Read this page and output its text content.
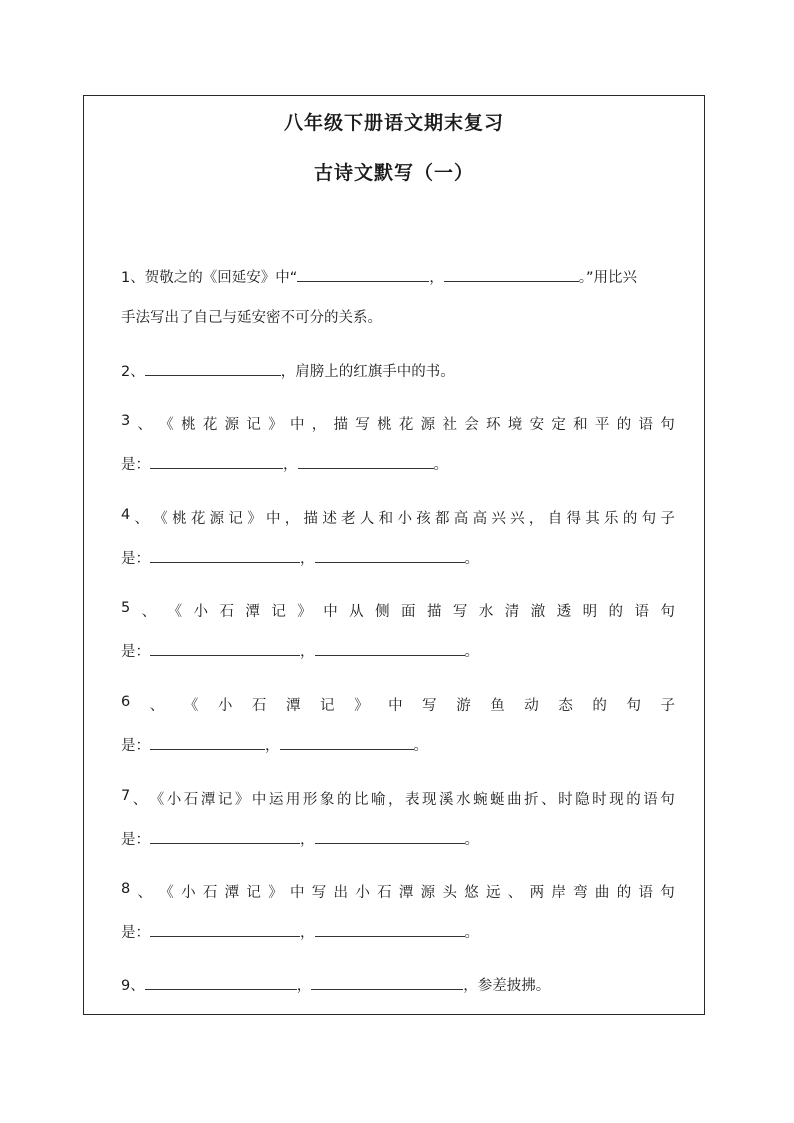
八年级下册语文期末复习
古诗文默写（一）
1、贺敬之的《回延安》中“	，	。”用比兴
手法写出了自己与延安密不可分的关系。
2、	，肩膀上的红旗手中的书。
3 、 《 桃 花 源 记 》 中 ， 描 写 桃 花 源 社 会 环 境 安 定 和 平 的 语 句
是：	，	。
4 、 《 桃 花 源 记 》 中 ， 描 述 老 人 和 小 孩 都 高 高 兴 兴 ， 自 得 其 乐 的 句 子
是：	，	。
5 、 《 小 石 潭 记 》 中 从 侧 面 描 写 水 清 澈 透 明 的 语 句
是：	，	。
6 、 《 小 石 潭 记 》 中 写 游 鱼 动 态 的 句 子
是：	，	。
7 、 《 小 石 潭 记 》 中 运 用 形 象 的 比 喻 ， 表 现 溪 水 蜿 蜒 曲 折 、 时 隐 时 现 的 语 句
是：	，	。
8 、 《 小 石 潭 记 》 中 写 出 小 石 潭 源 头 悠 远 、 两 岸 弯 曲 的 语 句
是：	，	。
9、	，	，参差披拂。
